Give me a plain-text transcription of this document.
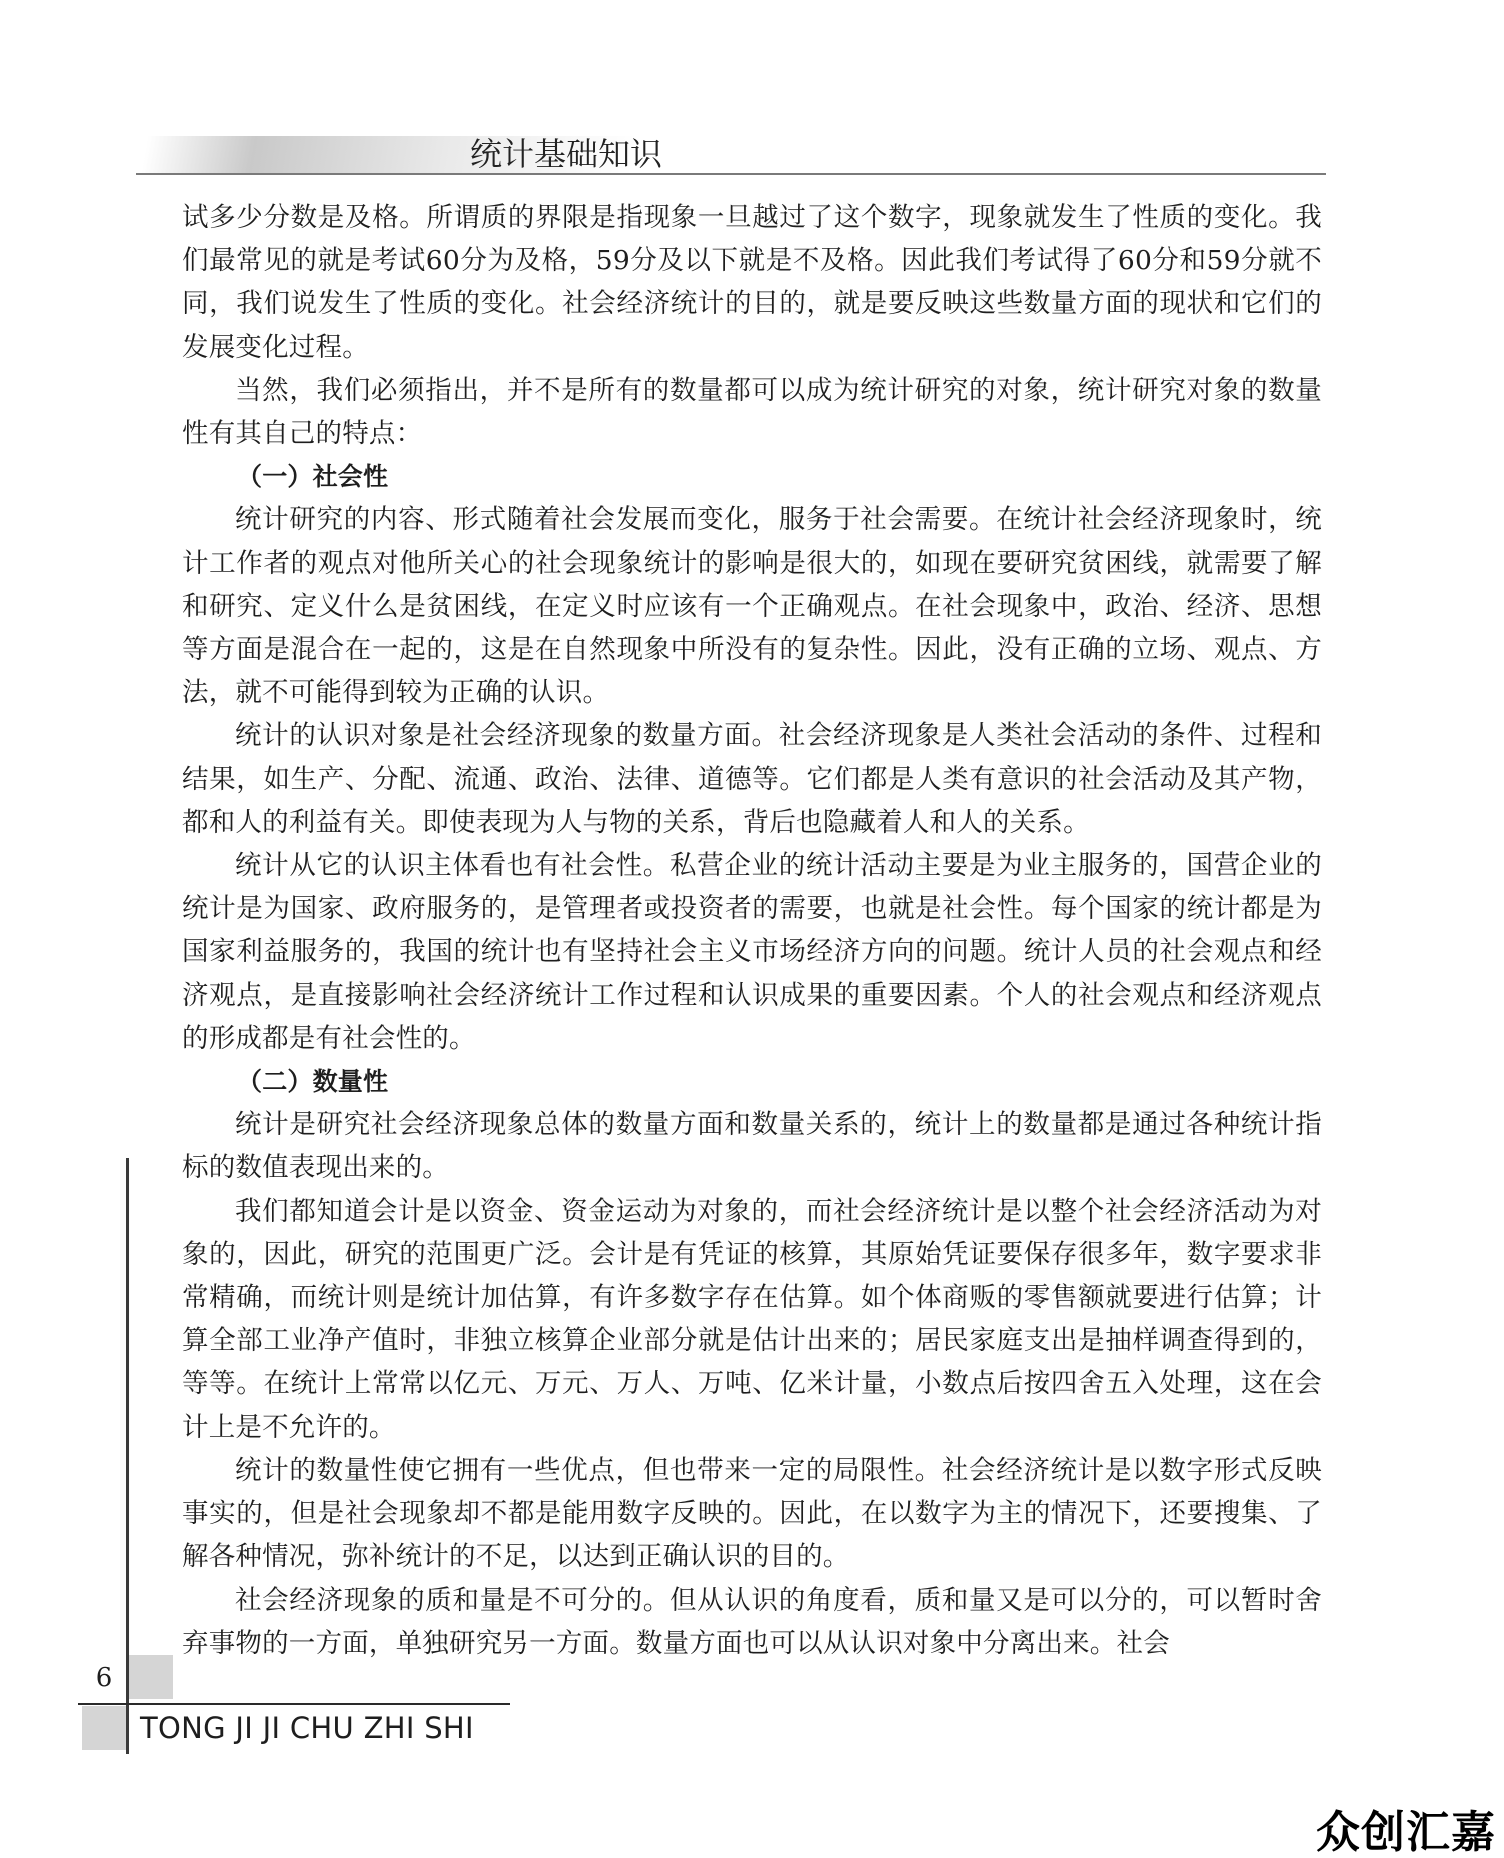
统计基础知识

试多少分数是及格。所谓质的界限是指现象一旦越过了这个数字，现象就发生了性质的变化。我们最常见的就是考试60分为及格，59分及以下就是不及格。因此我们考试得了60分和59分就不同，我们说发生了性质的变化。社会经济统计的目的，就是要反映这些数量方面的现状和它们的发展变化过程。

当然，我们必须指出，并不是所有的数量都可以成为统计研究的对象，统计研究对象的数量性有其自己的特点：

（一）社会性

统计研究的内容、形式随着社会发展而变化，服务于社会需要。在统计社会经济现象时，统计工作者的观点对他所关心的社会现象统计的影响是很大的，如现在要研究贫困线，就需要了解和研究、定义什么是贫困线，在定义时应该有一个正确观点。在社会现象中，政治、经济、思想等方面是混合在一起的，这是在自然现象中所没有的复杂性。因此，没有正确的立场、观点、方法，就不可能得到较为正确的认识。

统计的认识对象是社会经济现象的数量方面。社会经济现象是人类社会活动的条件、过程和结果，如生产、分配、流通、政治、法律、道德等。它们都是人类有意识的社会活动及其产物，都和人的利益有关。即使表现为人与物的关系，背后也隐藏着人和人的关系。

统计从它的认识主体看也有社会性。私营企业的统计活动主要是为业主服务的，国营企业的统计是为国家、政府服务的，是管理者或投资者的需要，也就是社会性。每个国家的统计都是为国家利益服务的，我国的统计也有坚持社会主义市场经济方向的问题。统计人员的社会观点和经济观点，是直接影响社会经济统计工作过程和认识成果的重要因素。个人的社会观点和经济观点的形成都是有社会性的。

（二）数量性

统计是研究社会经济现象总体的数量方面和数量关系的，统计上的数量都是通过各种统计指标的数值表现出来的。

我们都知道会计是以资金、资金运动为对象的，而社会经济统计是以整个社会经济活动为对象的，因此，研究的范围更广泛。会计是有凭证的核算，其原始凭证要保存很多年，数字要求非常精确，而统计则是统计加估算，有许多数字存在估算。如个体商贩的零售额就要进行估算；计算全部工业净产值时，非独立核算企业部分就是估计出来的；居民家庭支出是抽样调查得到的，等等。在统计上常常以亿元、万元、万人、万吨、亿米计量，小数点后按四舍五入处理，这在会计上是不允许的。

统计的数量性使它拥有一些优点，但也带来一定的局限性。社会经济统计是以数字形式反映事实的，但是社会现象却不都是能用数字反映的。因此，在以数字为主的情况下，还要搜集、了解各种情况，弥补统计的不足，以达到正确认识的目的。

社会经济现象的质和量是不可分的。但从认识的角度看，质和量又是可以分的，可以暂时舍弃事物的一方面，单独研究另一方面。数量方面也可以从认识对象中分离出来。社会

6
TONG JI JI CHU ZHI SHI
众创汇嘉
